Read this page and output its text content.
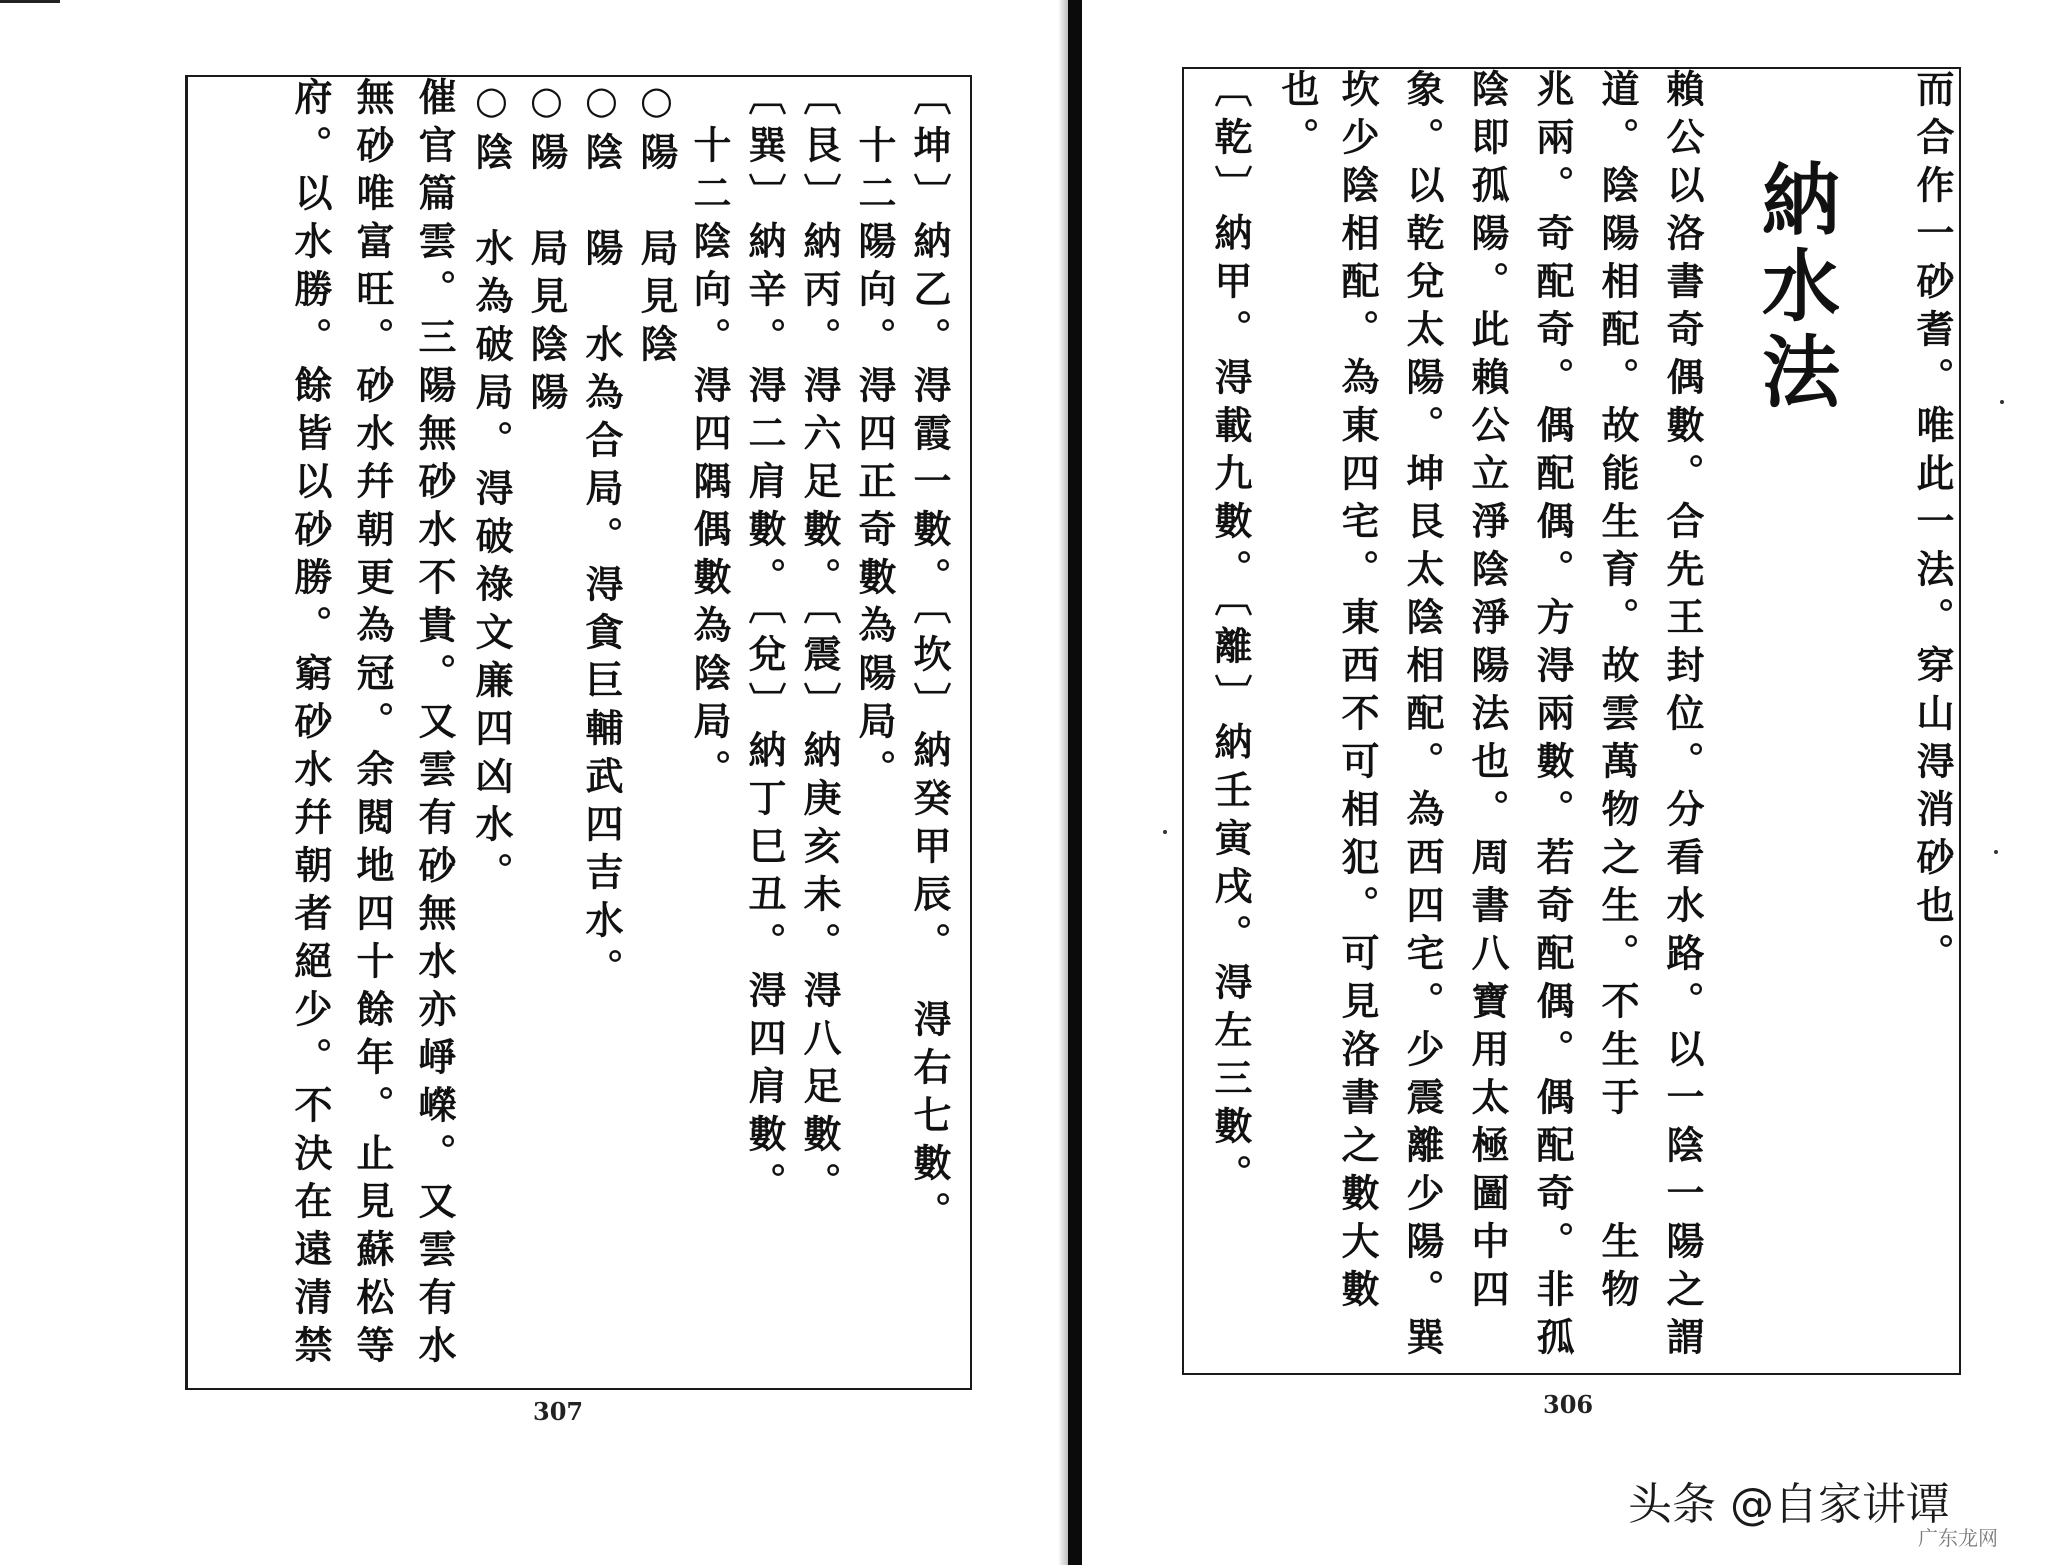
〔坤〕納乙。淂霞一數。〔坎〕納癸甲辰。　淂右七數。
　十二陽向。淂四正奇數為陽局。
〔艮〕納丙。淂六足數。〔震〕納庚亥未。淂八足數。
〔巽〕納辛。淂二肩數。〔兌〕納丁巳丑。淂四肩數。
　十二陰向。淂四隅偶數為陰局。
○陽　局見陰
○陰　陽　水為合局。淂貪巨輔武四吉水。
○陽　局見陰陽
○陰　水為破局。淂破祿文廉四凶水。
催官篇雲。三陽無砂水不貴。又雲有砂無水亦崢嶸。又雲有水
無砂唯富旺。砂水幷朝更為冠。余閱地四十餘年。止見蘇松等
府。以水勝。餘皆以砂勝。窮砂水幷朝者絕少。不決在遠清禁
307
而合作一砂耆。唯此一法。穿山淂消砂也。
納水法
賴公以洛書奇偶數。合先王封位。分看水路。以一陰一陽之謂
道。陰陽相配。故能生育。故雲萬物之生。不生于　　生物
兆兩。奇配奇。偶配偶。方淂兩數。若奇配偶。偶配奇。非孤
陰即孤陽。此賴公立淨陰淨陽法也。周書八寶用太極圖中四
象。以乾兌太陽。坤艮太陰相配。為西四宅。少震離少陽。巽
坎少陰相配。為東四宅。東西不可相犯。可見洛書之數大數
也。
〔乾〕納甲。淂載九數。〔離〕納壬寅戌。淂左三數。
306
头条 @自家讲谭
广东龙网
